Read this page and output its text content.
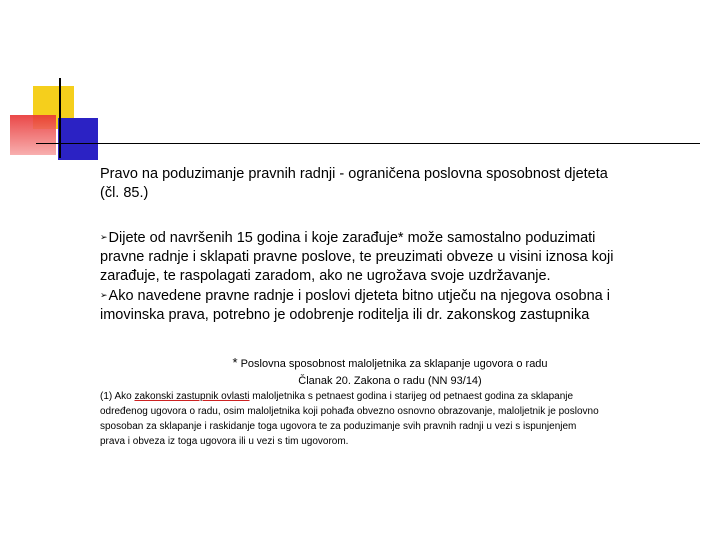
Pravo na poduzimanje pravnih radnji - ograničena poslovna sposobnost djeteta
(čl. 85.)

➢Dijete od navršenih 15 godina i koje zarađuje* može samostalno poduzimati

pravne radnje i sklapati pravne poslove, te preuzimati obveze u visini iznosa koji

zarađuje, te raspolagati zaradom, ako ne ugrožava svoje uzdržavanje.

➢Ako navedene pravne radnje i poslovi djeteta bitno utječu na njegova osobna i

imovinska prava, potrebno je odobrenje roditelja ili dr. zakonskog zastupnika

* Poslovna sposobnost maloljetnika za sklapanje ugovora o radu
Članak 20. Zakona o radu (NN 93/14)
(1) Ako zakonski zastupnik ovlasti maloljetnika s petnaest godina i starijeg od petnaest godina za sklapanje
određenog ugovora o radu, osim maloljetnika koji pohađa obvezno osnovno obrazovanje, maloljetnik je poslovno
sposoban za sklapanje i raskidanje toga ugovora te za poduzimanje svih pravnih radnji u vezi s ispunjenjem
prava i obveza iz toga ugovora ili u vezi s tim ugovorom.
